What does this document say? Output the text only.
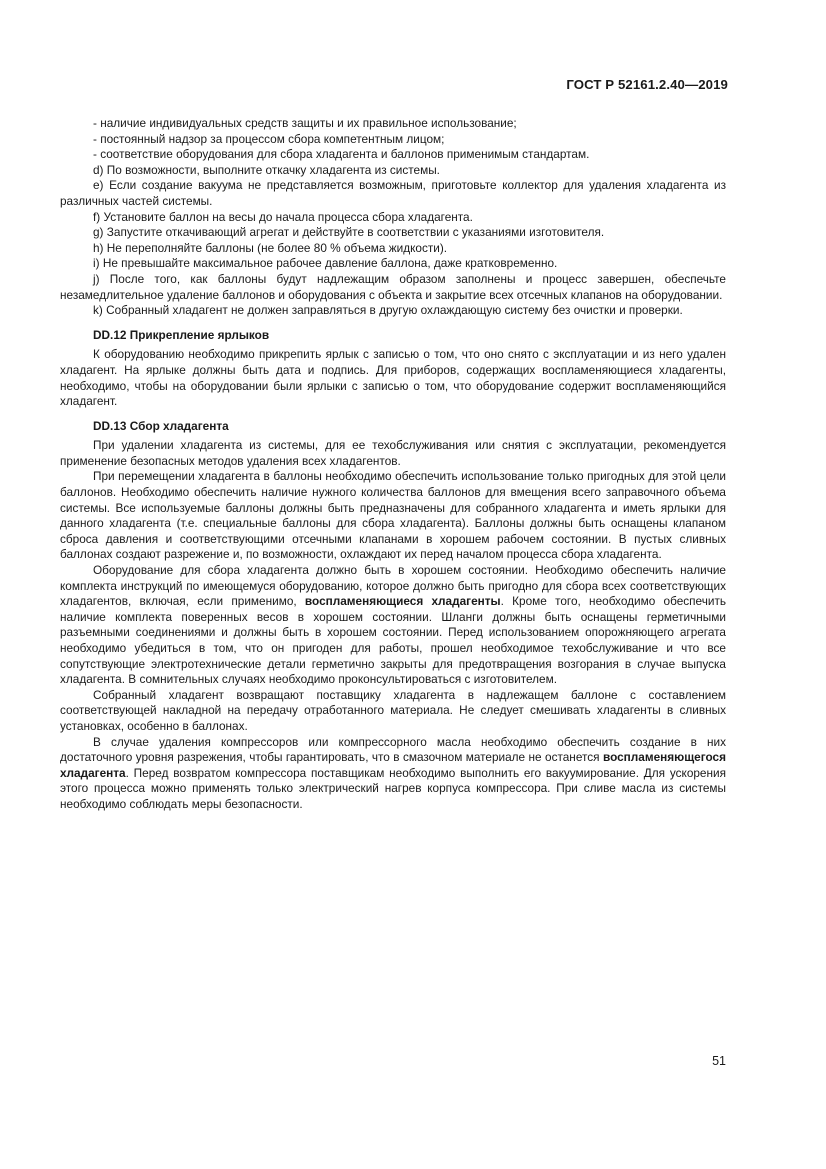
ГОСТ Р 52161.2.40—2019

- наличие индивидуальных средств защиты и их правильное использование;

- постоянный надзор за процессом сбора компетентным лицом;

- соответствие оборудования для сбора хладагента и баллонов применимым стандартам.

d) По возможности, выполните откачку хладагента из системы.

e) Если создание вакуума не представляется возможным, приготовьте коллектор для удаления хладагента из различных частей системы.

f) Установите баллон на весы до начала процесса сбора хладагента.

g) Запустите откачивающий агрегат и действуйте в соответствии с указаниями изготовителя.

h) Не переполняйте баллоны (не более 80 % объема жидкости).

i) Не превышайте максимальное рабочее давление баллона, даже кратковременно.

j) После того, как баллоны будут надлежащим образом заполнены и процесс завершен, обеспечьте незамедлительное удаление баллонов и оборудования с объекта и закрытие всех отсечных клапанов на оборудовании.

k) Собранный хладагент не должен заправляться в другую охлаждающую систему без очистки и проверки.

DD.12 Прикрепление ярлыков

К оборудованию необходимо прикрепить ярлык с записью о том, что оно снято с эксплуатации и из него удален хладагент. На ярлыке должны быть дата и подпись. Для приборов, содержащих воспламеняющиеся хладагенты, необходимо, чтобы на оборудовании были ярлыки с записью о том, что оборудование содержит воспламеняющийся хладагент.

DD.13 Сбор хладагента

При удалении хладагента из системы, для ее техобслуживания или снятия с эксплуатации, рекомендуется применение безопасных методов удаления всех хладагентов.

При перемещении хладагента в баллоны необходимо обеспечить использование только пригодных для этой цели баллонов. Необходимо обеспечить наличие нужного количества баллонов для вмещения всего заправочного объема системы. Все используемые баллоны должны быть предназначены для собранного хладагента и иметь ярлыки для данного хладагента (т.е. специальные баллоны для сбора хладагента). Баллоны должны быть оснащены клапаном сброса давления и соответствующими отсечными клапанами в хорошем рабочем состоянии. В пустых сливных баллонах создают разрежение и, по возможности, охлаждают их перед началом процесса сбора хладагента.

Оборудование для сбора хладагента должно быть в хорошем состоянии. Необходимо обеспечить наличие комплекта инструкций по имеющемуся оборудованию, которое должно быть пригодно для сбора всех соответствующих хладагентов, включая, если применимо, воспламеняющиеся хладагенты. Кроме того, необходимо обеспечить наличие комплекта поверенных весов в хорошем состоянии. Шланги должны быть оснащены герметичными разъемными соединениями и должны быть в хорошем состоянии. Перед использованием опорожняющего агрегата необходимо убедиться в том, что он пригоден для работы, прошел необходимое техобслуживание и что все сопутствующие электротехнические детали герметично закрыты для предотвращения возгорания в случае выпуска хладагента. В сомнительных случаях необходимо проконсультироваться с изготовителем.

Собранный хладагент возвращают поставщику хладагента в надлежащем баллоне с составлением соответствующей накладной на передачу отработанного материала. Не следует смешивать хладагенты в сливных установках, особенно в баллонах.

В случае удаления компрессоров или компрессорного масла необходимо обеспечить создание в них достаточного уровня разрежения, чтобы гарантировать, что в смазочном материале не останется воспламеняющегося хладагента. Перед возвратом компрессора поставщикам необходимо выполнить его вакуумирование. Для ускорения этого процесса можно применять только электрический нагрев корпуса компрессора. При сливе масла из системы необходимо соблюдать меры безопасности.

51
